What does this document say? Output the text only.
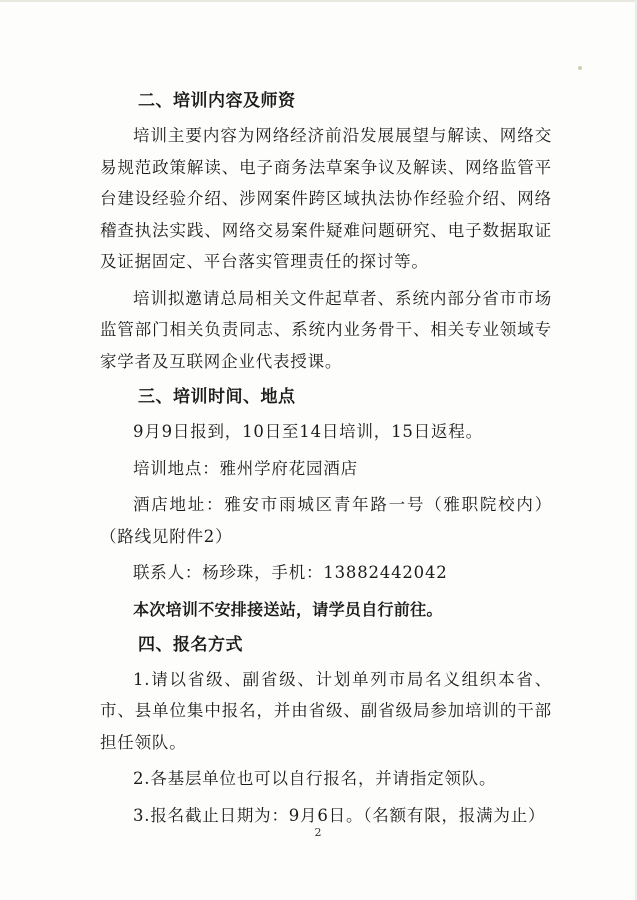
二、培训内容及师资

培训主要内容为网络经济前沿发展展望与解读、网络交易规范政策解读、电子商务法草案争议及解读、网络监管平台建设经验介绍、涉网案件跨区域执法协作经验介绍、网络稽查执法实践、网络交易案件疑难问题研究、电子数据取证及证据固定、平台落实管理责任的探讨等。

培训拟邀请总局相关文件起草者、系统内部分省市市场监管部门相关负责同志、系统内业务骨干、相关专业领域专家学者及互联网企业代表授课。

三、培训时间、地点
9月9日报到，10日至14日培训，15日返程。
培训地点：雅州学府花园酒店

酒店地址：雅安市雨城区青年路一号（雅职院校内）（路线见附件2）

联系人：杨珍珠，手机：13882442042
本次培训不安排接送站，请学员自行前往。
四、报名方式

1.请以省级、副省级、计划单列市局名义组织本省、市、县单位集中报名，并由省级、副省级局参加培训的干部担任领队。

2.各基层单位也可以自行报名，并请指定领队。
3.报名截止日期为：9月6日。（名额有限，报满为止）
2
